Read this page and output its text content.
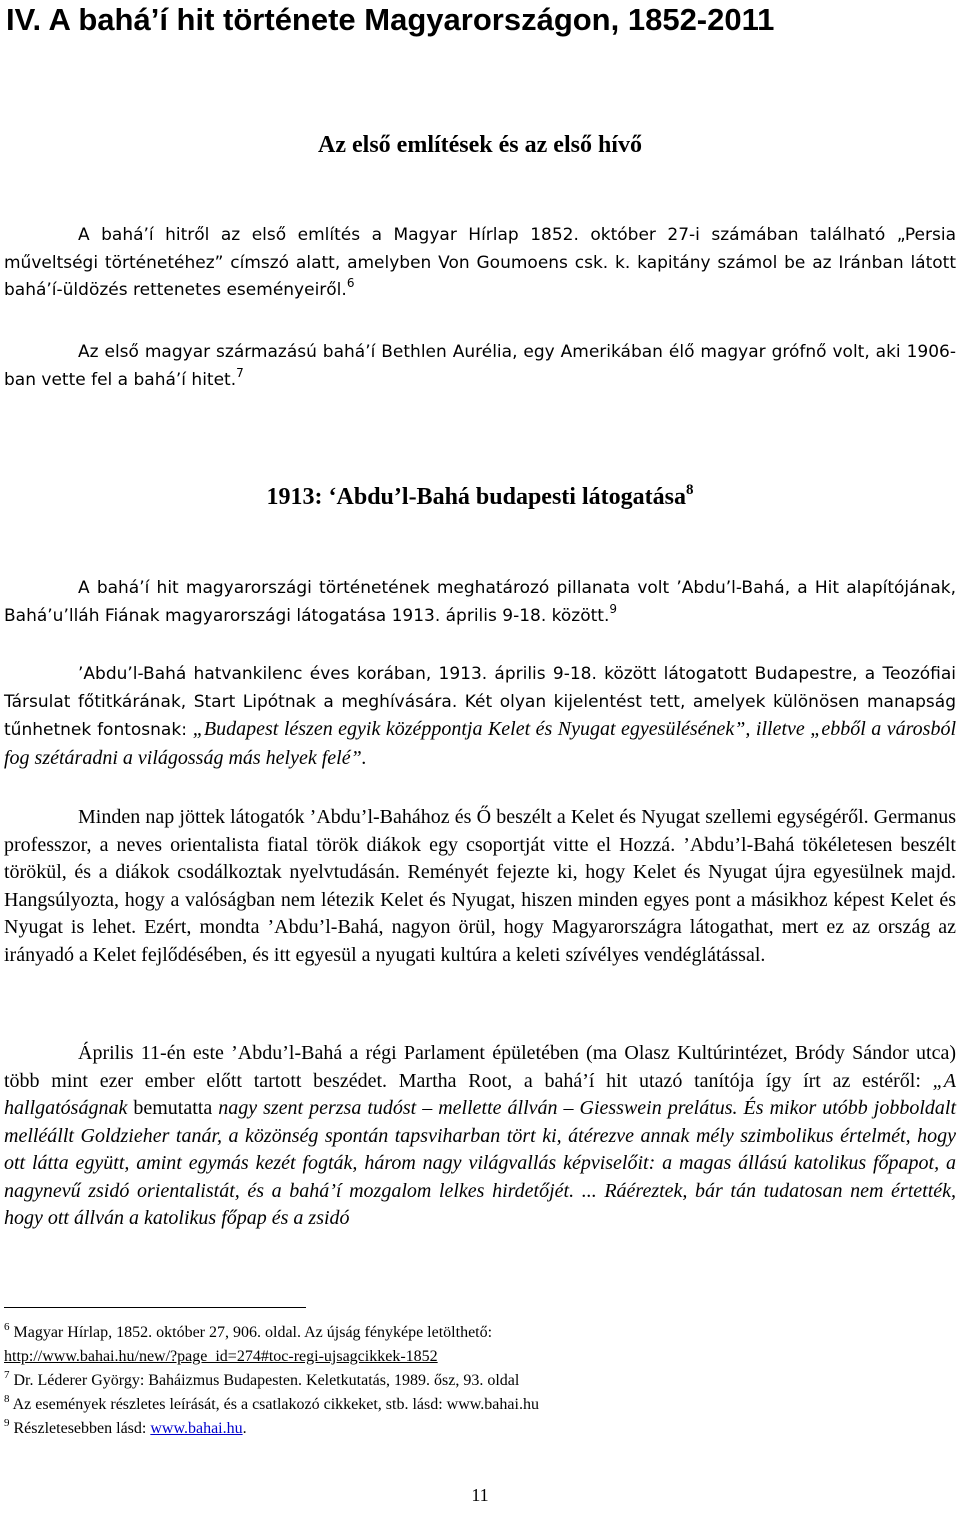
IV. A bahá’í hit története Magyarországon, 1852-2011
Az első említések és az első hívő

A bahá’í hitről az első említés a Magyar Hírlap 1852. október 27-i számában található „Persia műveltségi történetéhez” címszó alatt, amelyben Von Goumoens csk. k. kapitány számol be az Iránban látott bahá’í-üldözés rettenetes eseményeiről.$^6$

Az első magyar származású bahá’í Bethlen Aurélia, egy Amerikában élő magyar grófnő volt, aki 1906-ban vette fel a bahá’í hitet.$^7$

1913: ‘Abdu’l-Bahá budapesti látogatása$^8$

A bahá’í hit magyarországi történetének meghatározó pillanata volt ’Abdu’l-Bahá, a Hit alapítójának, Bahá’u’lláh Fiának magyarországi látogatása 1913. április 9-18. között.$^9$

’Abdu’l-Bahá hatvankilenc éves korában, 1913. április 9-18. között látogatott Budapestre, a Teozófiai Társulat főtitkárának, Start Lipótnak a meghívására. Két olyan kijelentést tett, amelyek különösen manapság tűnhetnek fontosnak: „Budapest lészen egyik középpontja Kelet és Nyugat egyesülésének”, illetve „ebből a városból fog szétáradni a világosság más helyek felé”.

Minden nap jöttek látogatók ’Abdu’l-Bahához és Ő beszélt a Kelet és Nyugat szellemi egységéről. Germanus professzor, a neves orientalista fiatal török diákok egy csoportját vitte el Hozzá. ’Abdu’l-Bahá tökéletesen beszélt törökül, és a diákok csodálkoztak nyelvtudásán. Reményét fejezte ki, hogy Kelet és Nyugat újra egyesülnek majd. Hangsúlyozta, hogy a valóságban nem létezik Kelet és Nyugat, hiszen minden egyes pont a másikhoz képest Kelet és Nyugat is lehet. Ezért, mondta ’Abdu’l-Bahá, nagyon örül, hogy Magyarországra látogathat, mert ez az ország az irányadó a Kelet fejlődésében, és itt egyesül a nyugati kultúra a keleti szívélyes vendéglátással.

Április 11-én este ’Abdu’l-Bahá a régi Parlament épületében (ma Olasz Kultúrintézet, Bródy Sándor utca) több mint ezer ember előtt tartott beszédet. Martha Root, a bahá’í hit utazó tanítója így írt az estéről: „A hallgatóságnak bemutatta nagy szent perzsa tudóst – mellette állván – Giesswein prelátus. És mikor utóbb jobboldalt melléállt Goldzieher tanár, a közönség spontán tapsviharban tört ki, átérezve annak mély szimbolikus értelmét, hogy ott látta együtt, amint egymás kezét fogták, három nagy világvallás képviselőit: a magas állású katolikus főpapot, a nagynevű zsidó orientalistát, és a bahá’í mozgalom lelkes hirdetőjét. ... Ráéreztek, bár tán tudatosan nem értették, hogy ott állván a katolikus főpap és a zsidó

$^6$ Magyar Hírlap, 1852. október 27, 906. oldal. Az újság fényképe letölthető:

http://www.bahai.hu/new/?page_id=274#toc-regi-ujsagcikkek-1852

$^7$ Dr. Léderer György: Baháizmus Budapesten. Keletkutatás, 1989. ősz, 93. oldal

$^8$ Az események részletes leírását, és a csatlakozó cikkeket, stb. lásd: www.bahai.hu

$^9$ Részletesebben lásd: www.bahai.hu.

11
